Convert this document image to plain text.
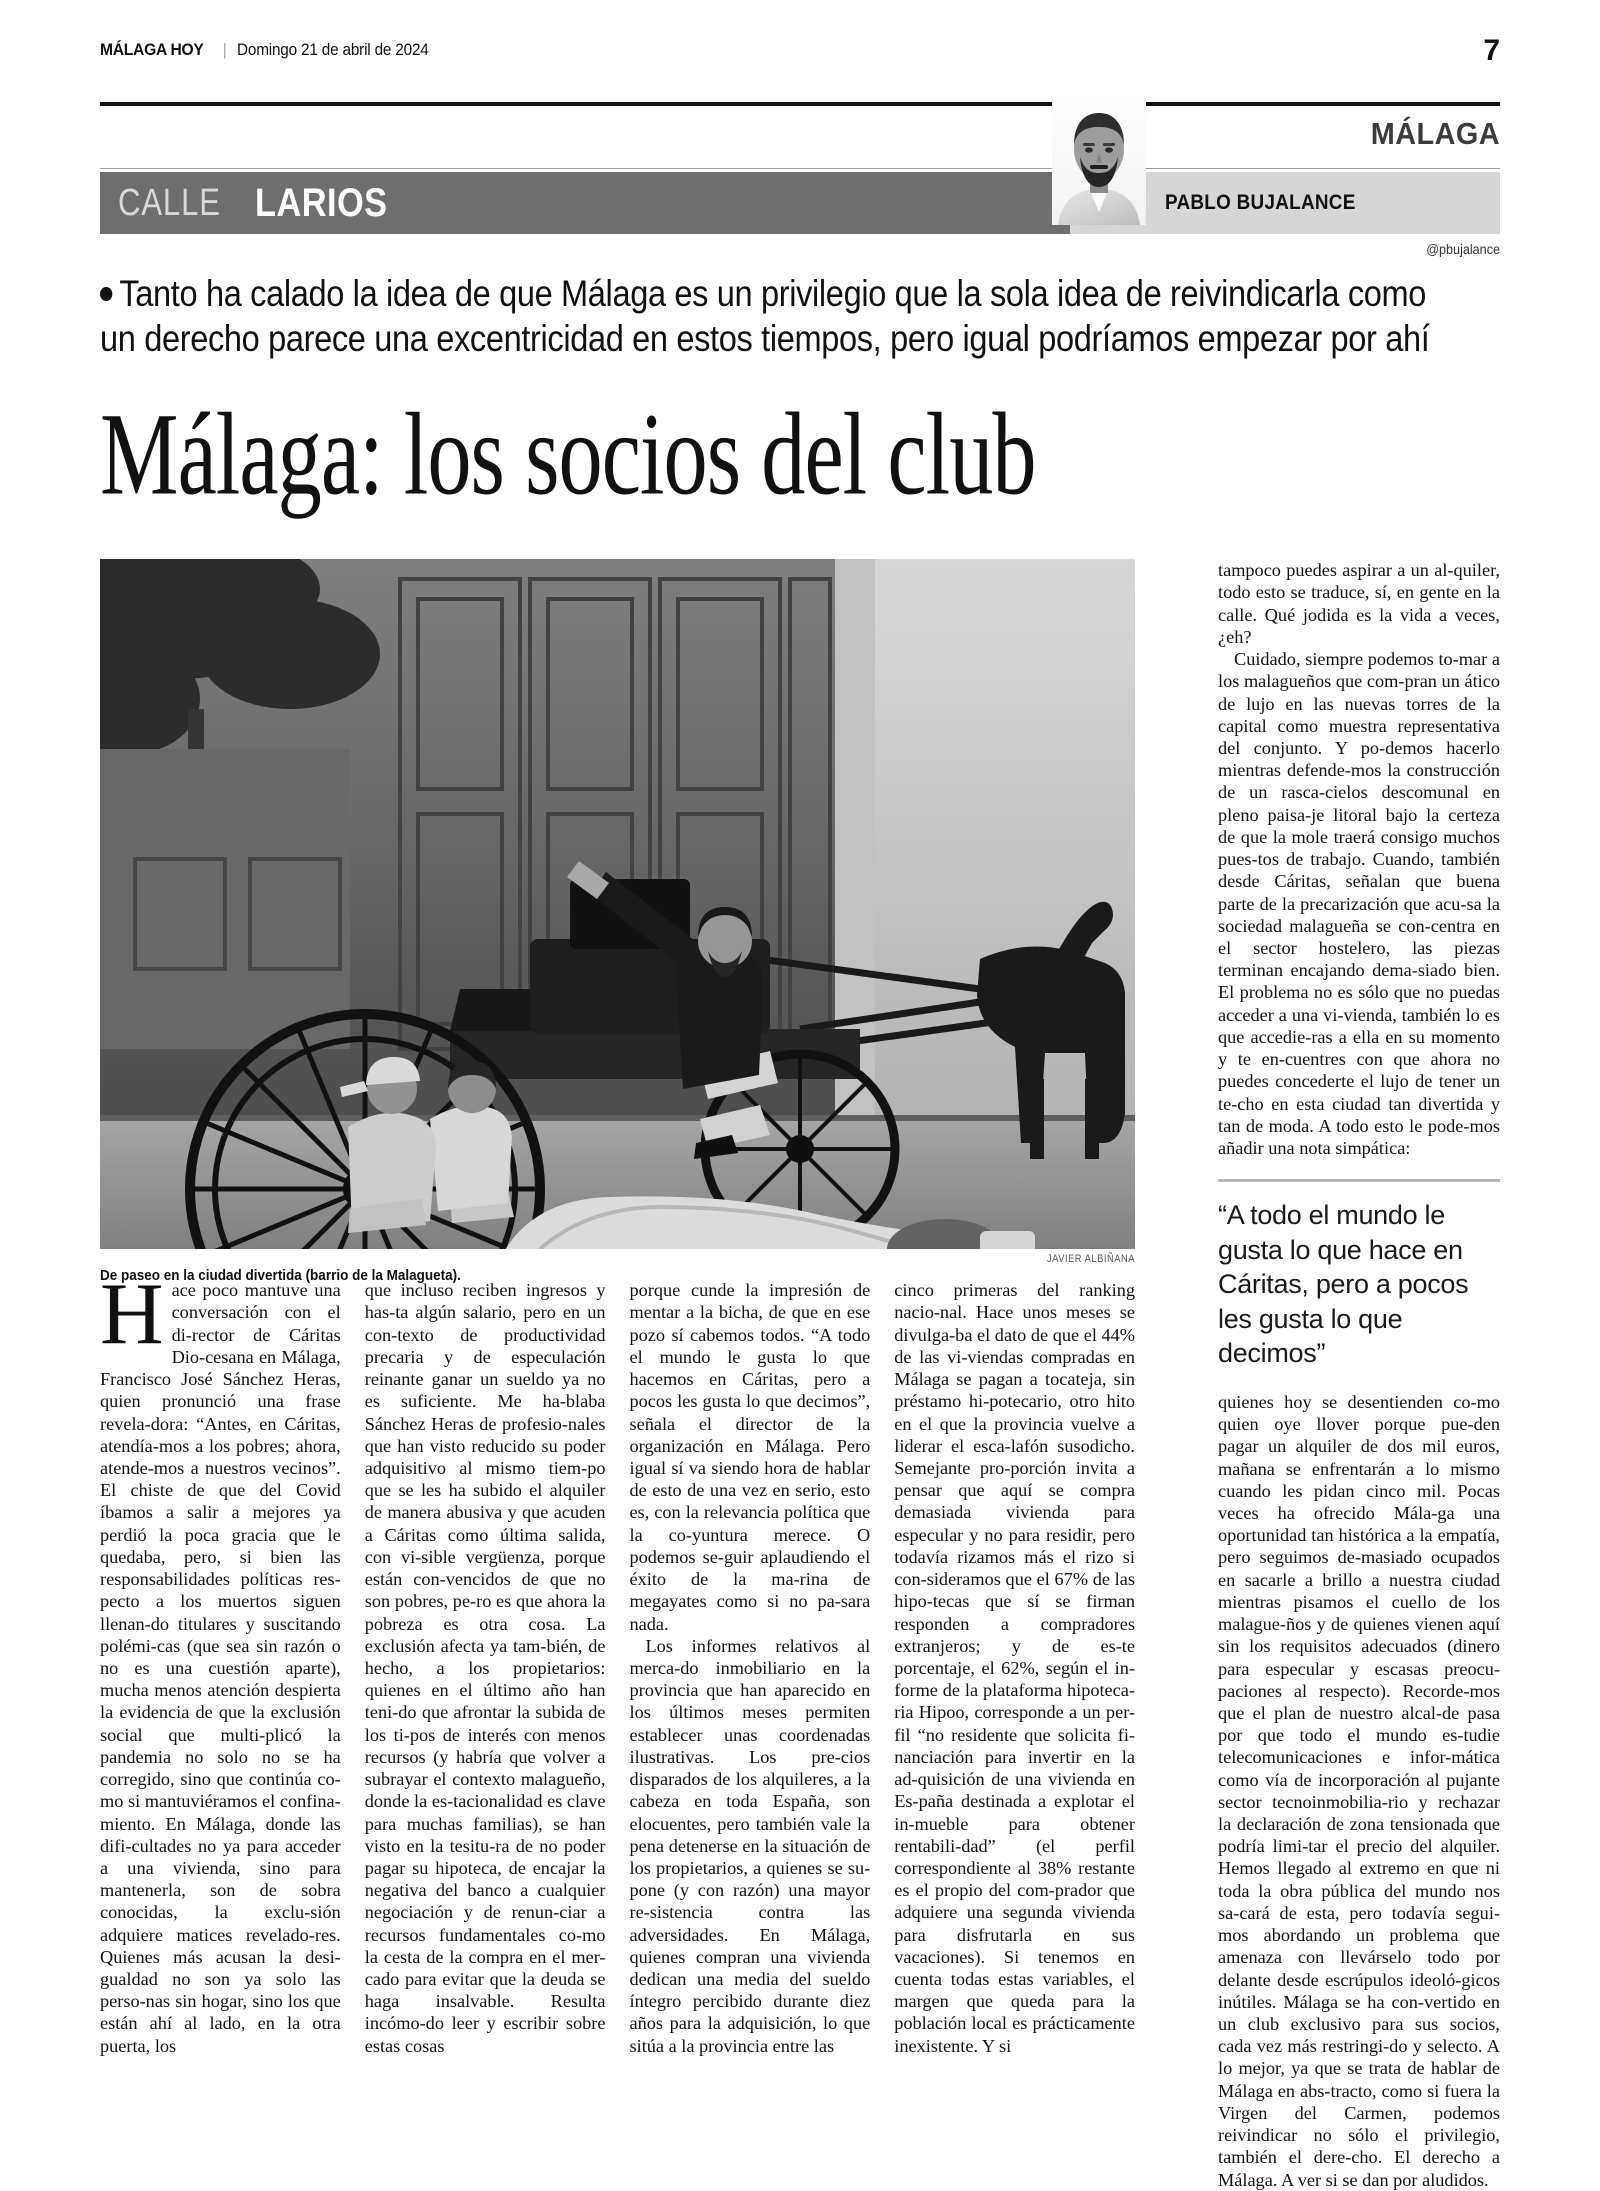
MÁLAGA HOY | Domingo 21 de abril de 2024	7
MÁLAGA
CALLE LARIOS	PABLO BUJALANCE
@pbujalance
Tanto ha calado la idea de que Málaga es un privilegio que la sola idea de reivindicarla como
un derecho parece una excentricidad en estos tiempos, pero igual podríamos empezar por ahí
Málaga: los socios del club
JAVIER ALBIÑANA
De paseo en la ciudad divertida (barrio de la Malagueta).

tampoco puedes aspirar a un al-quiler, todo esto se traduce, sí, en gente en la calle. Qué jodida es la vida a veces, ¿eh?

Cuidado, siempre podemos to-mar a los malagueños que com-pran un ático de lujo en las nuevas torres de la capital como muestra representativa del conjunto. Y po-demos hacerlo mientras defende-mos la construcción de un rasca-cielos descomunal en pleno paisa-je litoral bajo la certeza de que la mole traerá consigo muchos pues-tos de trabajo. Cuando, también desde Cáritas, señalan que buena parte de la precarización que acu-sa la sociedad malagueña se con-centra en el sector hostelero, las piezas terminan encajando dema-siado bien. El problema no es sólo que no puedas acceder a una vi-vienda, también lo es que accedie-ras a ella en su momento y te en-cuentres con que ahora no puedes concederte el lujo de tener un te-cho en esta ciudad tan divertida y tan de moda. A todo esto le pode-mos añadir una nota simpática:

“A todo el mundo le gusta lo que hace en Cáritas, pero a pocos les gusta lo que decimos”

quienes hoy se desentienden co-mo quien oye llover porque pue-den pagar un alquiler de dos mil euros, mañana se enfrentarán a lo mismo cuando les pidan cinco mil. Pocas veces ha ofrecido Mála-ga una oportunidad tan histórica a la empatía, pero seguimos de-masiado ocupados en sacarle a brillo a nuestra ciudad mientras pisamos el cuello de los malague-ños y de quienes vienen aquí sin los requisitos adecuados (dinero para especular y escasas preocu-paciones al respecto). Recorde-mos que el plan de nuestro alcal-de pasa por que todo el mundo es-tudie telecomunicaciones e infor-mática como vía de incorporación al pujante sector tecnoinmobilia-rio y rechazar la declaración de zona tensionada que podría limi-tar el precio del alquiler. Hemos llegado al extremo en que ni toda la obra pública del mundo nos sa-cará de esta, pero todavía segui-mos abordando un problema que amenaza con llevárselo todo por delante desde escrúpulos ideoló-gicos inútiles. Málaga se ha con-vertido en un club exclusivo para sus socios, cada vez más restringi-do y selecto. A lo mejor, ya que se trata de hablar de Málaga en abs-tracto, como si fuera la Virgen del Carmen, podemos reivindicar no sólo el privilegio, también el dere-cho. El derecho a Málaga. A ver si se dan por aludidos.

Hace poco mantuve una conversación con el di-rector de Cáritas Dio-cesana en Málaga, Francisco José Sánchez Heras, quien pronunció una frase revela-dora: “Antes, en Cáritas, atendía-mos a los pobres; ahora, atende-mos a nuestros vecinos”. El chiste de que del Covid íbamos a salir a mejores ya perdió la poca gracia que le quedaba, pero, si bien las responsabilidades políticas res-pecto a los muertos siguen llenan-do titulares y suscitando polémi-cas (que sea sin razón o no es una cuestión aparte), mucha menos atención despierta la evidencia de que la exclusión social que multi-plicó la pandemia no solo no se ha corregido, sino que continúa co-mo si mantuviéramos el confina-miento. En Málaga, donde las difi-cultades no ya para acceder a una vivienda, sino para mantenerla, son de sobra conocidas, la exclu-sión adquiere matices revelado-res. Quienes más acusan la desi-gualdad no son ya solo las perso-nas sin hogar, sino los que están ahí al lado, en la otra puerta, los

que incluso reciben ingresos y has-ta algún salario, pero en un con-texto de productividad precaria y de especulación reinante ganar un sueldo ya no es suficiente. Me ha-blaba Sánchez Heras de profesio-nales que han visto reducido su poder adquisitivo al mismo tiem-po que se les ha subido el alquiler de manera abusiva y que acuden a Cáritas como última salida, con vi-sible vergüenza, porque están con-vencidos de que no son pobres, pe-ro es que ahora la pobreza es otra cosa. La exclusión afecta ya tam-bién, de hecho, a los propietarios: quienes en el último año han teni-do que afrontar la subida de los ti-pos de interés con menos recursos (y habría que volver a subrayar el contexto malagueño, donde la es-tacionalidad es clave para muchas familias), se han visto en la tesitu-ra de no poder pagar su hipoteca, de encajar la negativa del banco a cualquier negociación y de renun-ciar a recursos fundamentales co-mo la cesta de la compra en el mer-cado para evitar que la deuda se haga insalvable. Resulta incómo-do leer y escribir sobre estas cosas

porque cunde la impresión de mentar a la bicha, de que en ese pozo sí cabemos todos. “A todo el mundo le gusta lo que hacemos en Cáritas, pero a pocos les gusta lo que decimos”, señala el director de la organización en Málaga. Pero igual sí va siendo hora de hablar de esto de una vez en serio, esto es, con la relevancia política que la co-yuntura merece. O podemos se-guir aplaudiendo el éxito de la ma-rina de megayates como si no pa-sara nada.

Los informes relativos al merca-do inmobiliario en la provincia que han aparecido en los últimos meses permiten establecer unas coordenadas ilustrativas. Los pre-cios disparados de los alquileres, a la cabeza en toda España, son elocuentes, pero también vale la pena detenerse en la situación de los propietarios, a quienes se su-pone (y con razón) una mayor re-sistencia contra las adversidades. En Málaga, quienes compran una vivienda dedican una media del sueldo íntegro percibido durante diez años para la adquisición, lo que sitúa a la provincia entre las

cinco primeras del ranking nacio-nal. Hace unos meses se divulga-ba el dato de que el 44% de las vi-viendas compradas en Málaga se pagan a tocateja, sin préstamo hi-potecario, otro hito en el que la provincia vuelve a liderar el esca-lafón susodicho. Semejante pro-porción invita a pensar que aquí se compra demasiada vivienda para especular y no para residir, pero todavía rizamos más el rizo si con-sideramos que el 67% de las hipo-tecas que sí se firman responden a compradores extranjeros; y de es-te porcentaje, el 62%, según el in-forme de la plataforma hipoteca-ria Hipoo, corresponde a un per-fil “no residente que solicita fi-nanciación para invertir en la ad-quisición de una vivienda en Es-paña destinada a explotar el in-mueble para obtener rentabili-dad” (el perfil correspondiente al 38% restante es el propio del com-prador que adquiere una segunda vivienda para disfrutarla en sus vacaciones). Si tenemos en cuenta todas estas variables, el margen que queda para la población local es prácticamente inexistente. Y si
